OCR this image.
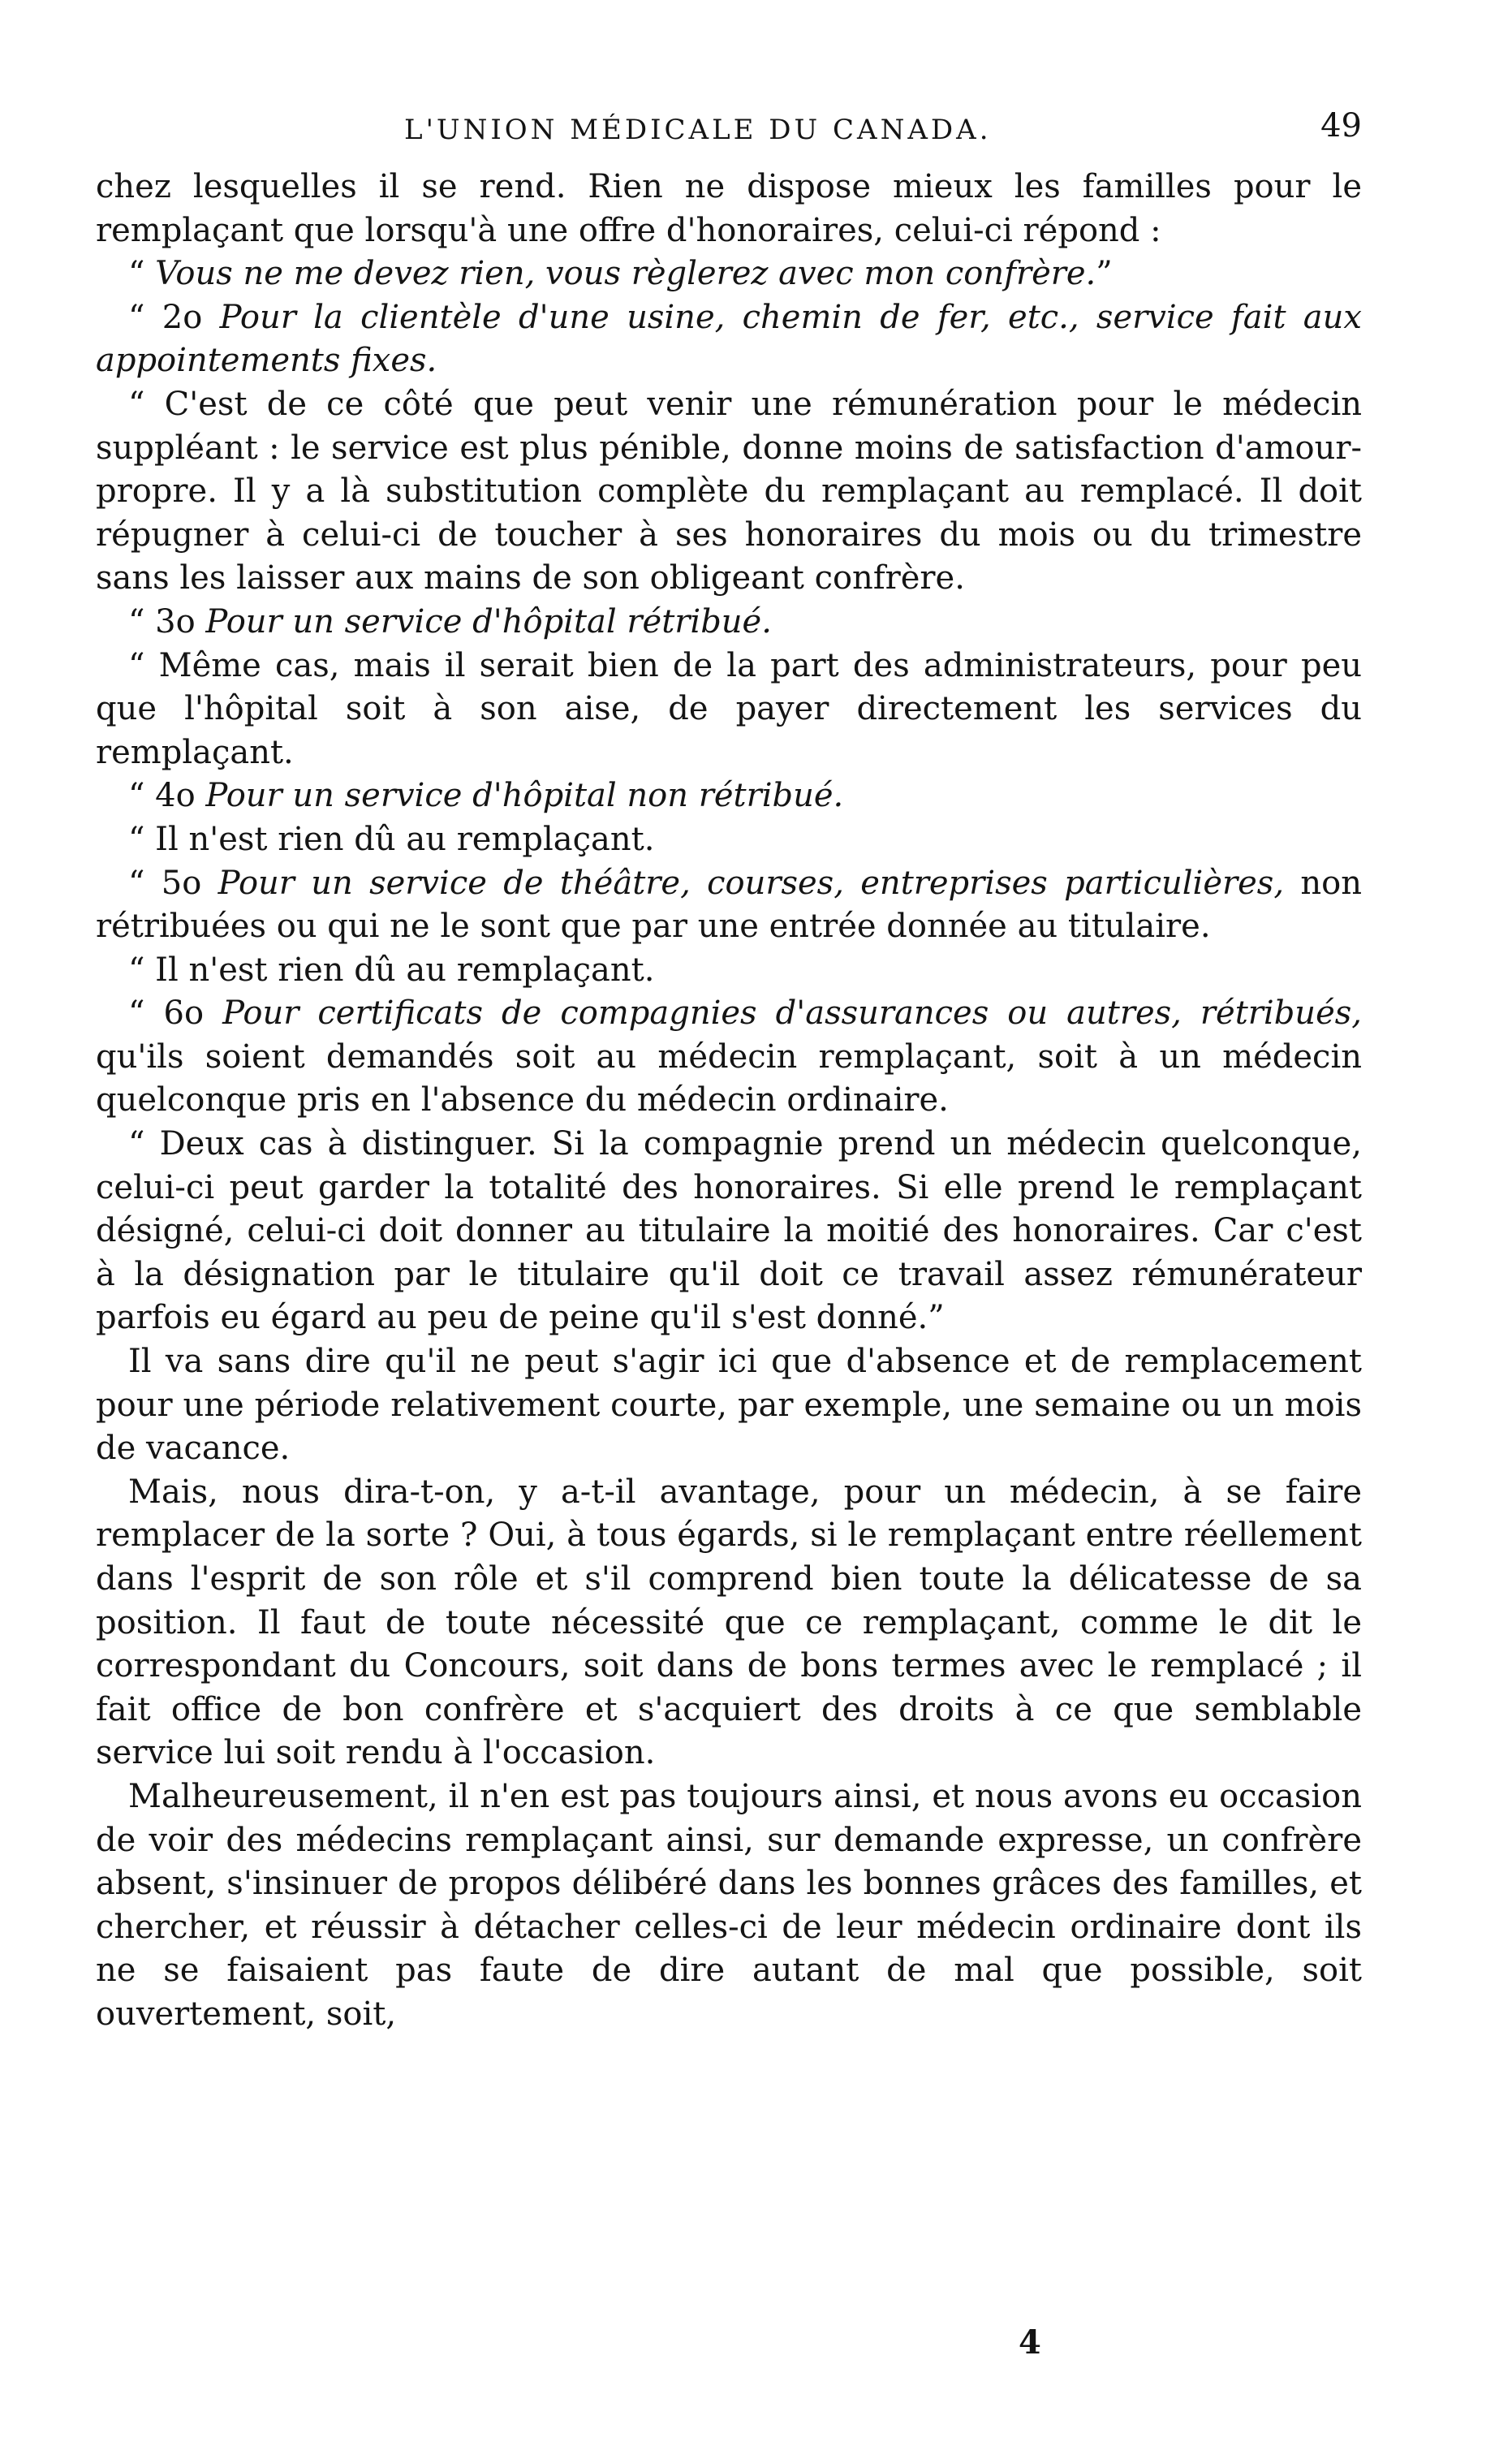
L'UNION MÉDICALE DU CANADA.	49

chez lesquelles il se rend. Rien ne dispose mieux les familles pour le remplaçant que lorsqu'à une offre d'honoraires, celui-ci répond :

“ Vous ne me devez rien, vous règlerez avec mon confrère.”

“ 2o Pour la clientèle d'une usine, chemin de fer, etc., service fait aux appointements fixes.

“ C'est de ce côté que peut venir une rémunération pour le médecin suppléant : le service est plus pénible, donne moins de satisfaction d'amour-propre. Il y a là substitution complète du remplaçant au remplacé. Il doit répugner à celui-ci de toucher à ses honoraires du mois ou du trimestre sans les laisser aux mains de son obligeant confrère.

“ 3o Pour un service d'hôpital rétribué.

“ Même cas, mais il serait bien de la part des administrateurs, pour peu que l'hôpital soit à son aise, de payer directement les services du remplaçant.

“ 4o Pour un service d'hôpital non rétribué.

“ Il n'est rien dû au remplaçant.

“ 5o Pour un service de théâtre, courses, entreprises particulières, non rétribuées ou qui ne le sont que par une entrée donnée au titulaire.

“ Il n'est rien dû au remplaçant.

“ 6o Pour certificats de compagnies d'assurances ou autres, rétribués, qu'ils soient demandés soit au médecin remplaçant, soit à un médecin quelconque pris en l'absence du médecin ordinaire.

“ Deux cas à distinguer. Si la compagnie prend un médecin quelconque, celui-ci peut garder la totalité des honoraires. Si elle prend le remplaçant désigné, celui-ci doit donner au titulaire la moitié des honoraires. Car c'est à la désignation par le titulaire qu'il doit ce travail assez rémunérateur parfois eu égard au peu de peine qu'il s'est donné.”

Il va sans dire qu'il ne peut s'agir ici que d'absence et de remplacement pour une période relativement courte, par exemple, une semaine ou un mois de vacance.

Mais, nous dira-t-on, y a-t-il avantage, pour un médecin, à se faire remplacer de la sorte ? Oui, à tous égards, si le remplaçant entre réellement dans l'esprit de son rôle et s'il comprend bien toute la délicatesse de sa position. Il faut de toute nécessité que ce remplaçant, comme le dit le correspondant du Concours, soit dans de bons termes avec le remplacé ; il fait office de bon confrère et s'acquiert des droits à ce que semblable service lui soit rendu à l'occasion.

Malheureusement, il n'en est pas toujours ainsi, et nous avons eu occasion de voir des médecins remplaçant ainsi, sur demande expresse, un confrère absent, s'insinuer de propos délibéré dans les bonnes grâces des familles, et chercher, et réussir à détacher celles-ci de leur médecin ordinaire dont ils ne se faisaient pas faute de dire autant de mal que possible, soit ouvertement, soit,

4
